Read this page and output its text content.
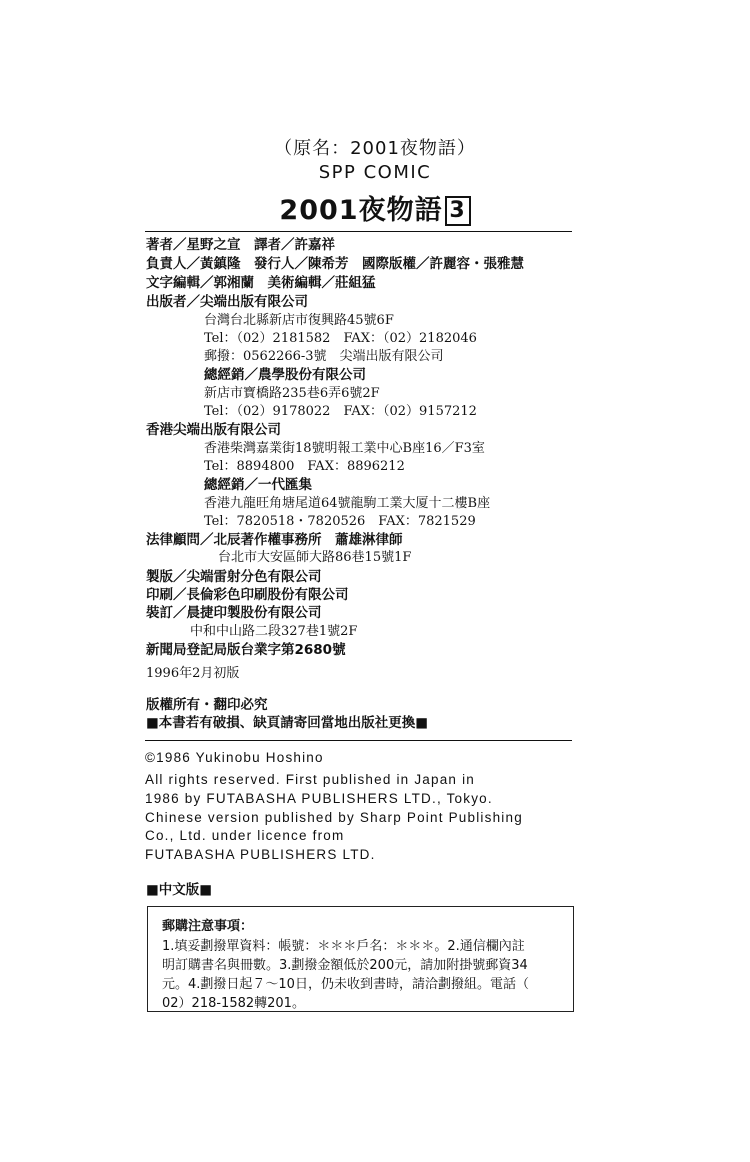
（原名：2001夜物語）
SPP COMIC
2001夜物語 3
著者／星野之宣　譯者／許嘉祥
負責人／黃鎮隆　發行人／陳希芳　國際版權／許麗容・張雅慧
文字編輯／郭湘蘭　美術編輯／莊組猛
出版者／尖端出版有限公司
台灣台北縣新店市復興路45號6F
Tel：（02）2181582　FAX：（02）2182046
郵撥：0562266-3號　尖端出版有限公司
總經銷／農學股份有限公司
新店市寶橋路235巷6弄6號2F
Tel：（02）9178022　FAX：（02）9157212
香港尖端出版有限公司
香港柴灣嘉業街18號明報工業中心B座16／F3室
Tel：8894800　FAX：8896212
總經銷／一代匯集
香港九龍旺角塘尾道64號龍駒工業大厦十二樓B座
Tel：7820518・7820526　FAX：7821529
法律顧問／北辰著作權事務所　蕭雄淋律師
台北市大安區師大路86巷15號1F
製版／尖端雷射分色有限公司
印刷／長倫彩色印刷股份有限公司
裝訂／晨捷印製股份有限公司
中和中山路二段327巷1號2F
新聞局登記局版台業字第2680號
1996年2月初版
版權所有・翻印必究
■本書若有破損、缺頁請寄回當地出版社更換■
©1986 Yukinobu Hoshino
All rights reserved. First published in Japan in
1986 by FUTABASHA PUBLISHERS LTD., Tokyo.
Chinese version published by Sharp Point Publishing
Co., Ltd. under licence from
FUTABASHA PUBLISHERS LTD.
■中文版■
郵購注意事項：
1.填妥劃撥單資料：帳號：＊＊＊戶名：＊＊＊。2.通信欄內註
明訂購書名與冊數。3.劃撥金額低於200元，請加附掛號郵資34
元。4.劃撥日起７～10日，仍未收到書時，請洽劃撥組。電話（
02）218-1582轉201。
